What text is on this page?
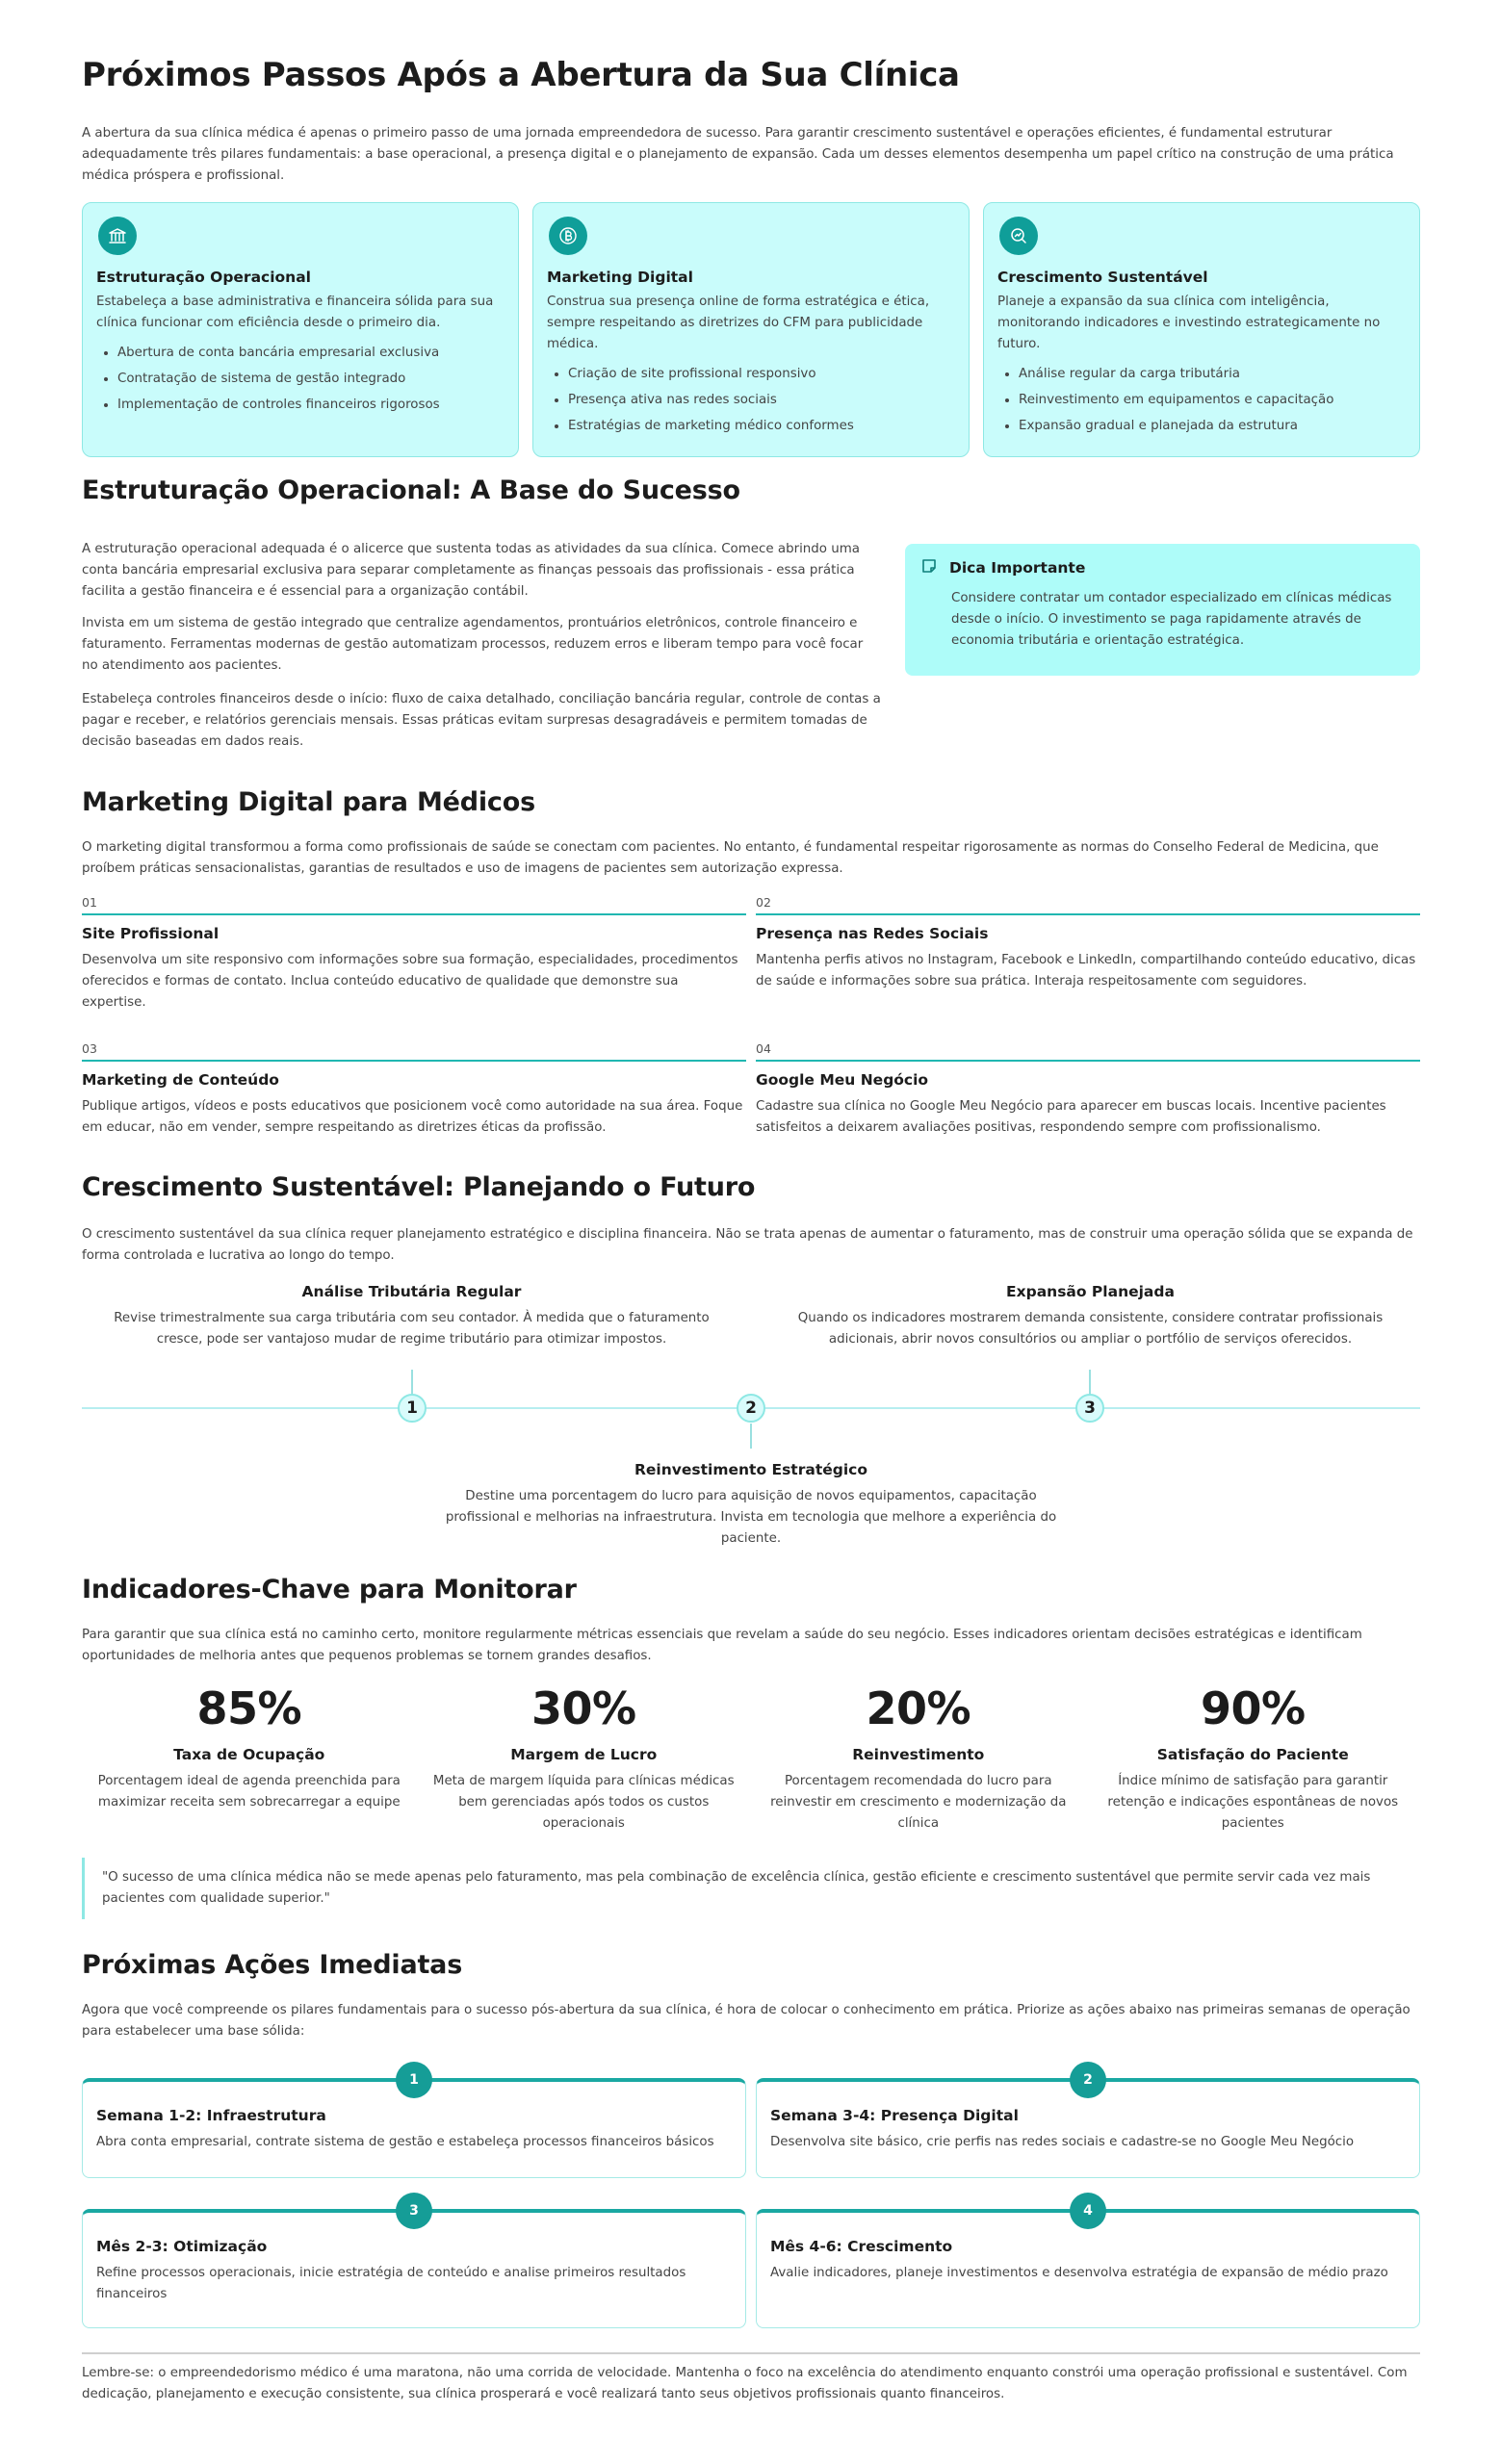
Próximos Passos Após a Abertura da Sua Clínica

A abertura da sua clínica médica é apenas o primeiro passo de uma jornada empreendedora de sucesso. Para garantir crescimento sustentável e operações eficientes, é fundamental estruturar adequadamente três pilares fundamentais: a base operacional, a presença digital e o planejamento de expansão. Cada um desses elementos desempenha um papel crítico na construção de uma prática médica próspera e profissional.

Estruturação Operacional

Estabeleça a base administrativa e financeira sólida para sua clínica funcionar com eficiência desde o primeiro dia.

Abertura de conta bancária empresarial exclusiva
Contratação de sistema de gestão integrado
Implementação de controles financeiros rigorosos
Marketing Digital

Construa sua presença online de forma estratégica e ética, sempre respeitando as diretrizes do CFM para publicidade médica.

Criação de site profissional responsivo
Presença ativa nas redes sociais
Estratégias de marketing médico conformes
Crescimento Sustentável

Planeje a expansão da sua clínica com inteligência, monitorando indicadores e investindo estrategicamente no futuro.

Análise regular da carga tributária
Reinvestimento em equipamentos e capacitação
Expansão gradual e planejada da estrutura
Estruturação Operacional: A Base do Sucesso

A estruturação operacional adequada é o alicerce que sustenta todas as atividades da sua clínica. Comece abrindo uma conta bancária empresarial exclusiva para separar completamente as finanças pessoais das profissionais - essa prática facilita a gestão financeira e é essencial para a organização contábil.

Invista em um sistema de gestão integrado que centralize agendamentos, prontuários eletrônicos, controle financeiro e faturamento. Ferramentas modernas de gestão automatizam processos, reduzem erros e liberam tempo para você focar no atendimento aos pacientes.

Estabeleça controles financeiros desde o início: fluxo de caixa detalhado, conciliação bancária regular, controle de contas a pagar e receber, e relatórios gerenciais mensais. Essas práticas evitam surpresas desagradáveis e permitem tomadas de decisão baseadas em dados reais.

Dica Importante

Considere contratar um contador especializado em clínicas médicas desde o início. O investimento se paga rapidamente através de economia tributária e orientação estratégica.

Marketing Digital para Médicos

O marketing digital transformou a forma como profissionais de saúde se conectam com pacientes. No entanto, é fundamental respeitar rigorosamente as normas do Conselho Federal de Medicina, que proíbem práticas sensacionalistas, garantias de resultados e uso de imagens de pacientes sem autorização expressa.

01
Site Profissional

Desenvolva um site responsivo com informações sobre sua formação, especialidades, procedimentos oferecidos e formas de contato. Inclua conteúdo educativo de qualidade que demonstre sua expertise.

02
Presença nas Redes Sociais

Mantenha perfis ativos no Instagram, Facebook e LinkedIn, compartilhando conteúdo educativo, dicas de saúde e informações sobre sua prática. Interaja respeitosamente com seguidores.

03
Marketing de Conteúdo

Publique artigos, vídeos e posts educativos que posicionem você como autoridade na sua área. Foque em educar, não em vender, sempre respeitando as diretrizes éticas da profissão.

04
Google Meu Negócio

Cadastre sua clínica no Google Meu Negócio para aparecer em buscas locais. Incentive pacientes satisfeitos a deixarem avaliações positivas, respondendo sempre com profissionalismo.

Crescimento Sustentável: Planejando o Futuro

O crescimento sustentável da sua clínica requer planejamento estratégico e disciplina financeira. Não se trata apenas de aumentar o faturamento, mas de construir uma operação sólida que se expanda de forma controlada e lucrativa ao longo do tempo.

Análise Tributária Regular

Revise trimestralmente sua carga tributária com seu contador. À medida que o faturamento cresce, pode ser vantajoso mudar de regime tributário para otimizar impostos.

Expansão Planejada

Quando os indicadores mostrarem demanda consistente, considere contratar profissionais adicionais, abrir novos consultórios ou ampliar o portfólio de serviços oferecidos.

Reinvestimento Estratégico

Destine uma porcentagem do lucro para aquisição de novos equipamentos, capacitação profissional e melhorias na infraestrutura. Invista em tecnologia que melhore a experiência do paciente.

1	2	3
Indicadores-Chave para Monitorar

Para garantir que sua clínica está no caminho certo, monitore regularmente métricas essenciais que revelam a saúde do seu negócio. Esses indicadores orientam decisões estratégicas e identificam oportunidades de melhoria antes que pequenos problemas se tornem grandes desafios.

85%
Taxa de Ocupação

Porcentagem ideal de agenda preenchida para maximizar receita sem sobrecarregar a equipe

30%
Margem de Lucro

Meta de margem líquida para clínicas médicas bem gerenciadas após todos os custos operacionais

20%
Reinvestimento

Porcentagem recomendada do lucro para reinvestir em crescimento e modernização da clínica

90%
Satisfação do Paciente

Índice mínimo de satisfação para garantir retenção e indicações espontâneas de novos pacientes

"O sucesso de uma clínica médica não se mede apenas pelo faturamento, mas pela combinação de excelência clínica, gestão eficiente e crescimento sustentável que permite servir cada vez mais pacientes com qualidade superior."

Próximas Ações Imediatas

Agora que você compreende os pilares fundamentais para o sucesso pós-abertura da sua clínica, é hora de colocar o conhecimento em prática. Priorize as ações abaixo nas primeiras semanas de operação para estabelecer uma base sólida:

1
Semana 1-2: Infraestrutura

Abra conta empresarial, contrate sistema de gestão e estabeleça processos financeiros básicos

2
Semana 3-4: Presença Digital

Desenvolva site básico, crie perfis nas redes sociais e cadastre-se no Google Meu Negócio

3
Mês 2-3: Otimização

Refine processos operacionais, inicie estratégia de conteúdo e analise primeiros resultados financeiros

4
Mês 4-6: Crescimento

Avalie indicadores, planeje investimentos e desenvolva estratégia de expansão de médio prazo

Lembre-se: o empreendedorismo médico é uma maratona, não uma corrida de velocidade. Mantenha o foco na excelência do atendimento enquanto constrói uma operação profissional e sustentável. Com dedicação, planejamento e execução consistente, sua clínica prosperará e você realizará tanto seus objetivos profissionais quanto financeiros.
